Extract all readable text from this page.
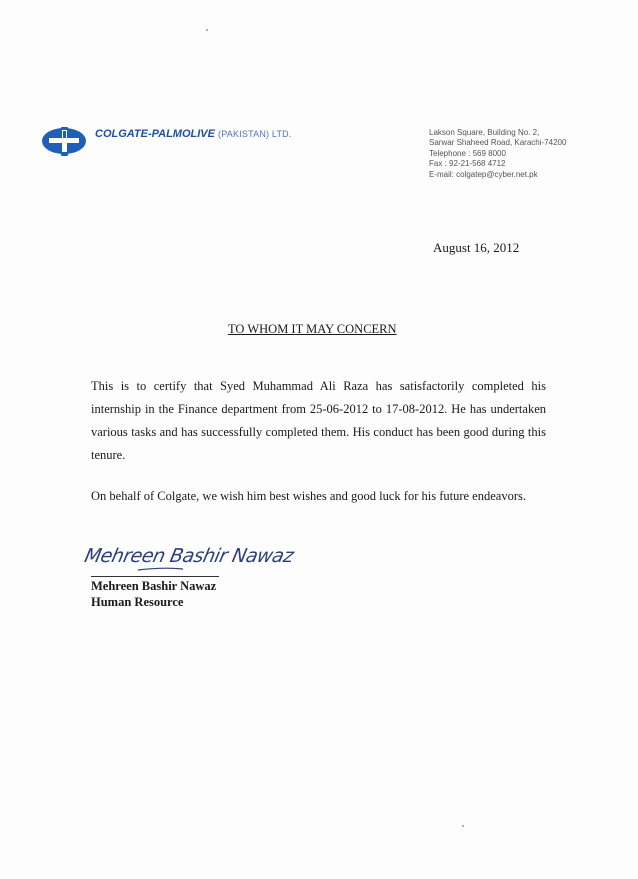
COLGATE-PALMOLIVE (PAKISTAN) LTD.	Lakson Square, Building No. 2,
Sarwar Shaheed Road, Karachi-74200
Telephone : 569 8000
Fax : 92-21-568 4712
E-mail: colgatep@cyber.net.pk
August 16, 2012
TO WHOM IT MAY CONCERN

This is to certify that Syed Muhammad Ali Raza has satisfactorily completed his internship in the Finance department from 25-06-2012 to 17-08-2012. He has undertaken various tasks and has successfully completed them. His conduct has been good during this tenure.

On behalf of Colgate, we wish him best wishes and good luck for his future endeavors.

Mehreen Bashir Nawaz
Mehreen Bashir Nawaz
Human Resource
